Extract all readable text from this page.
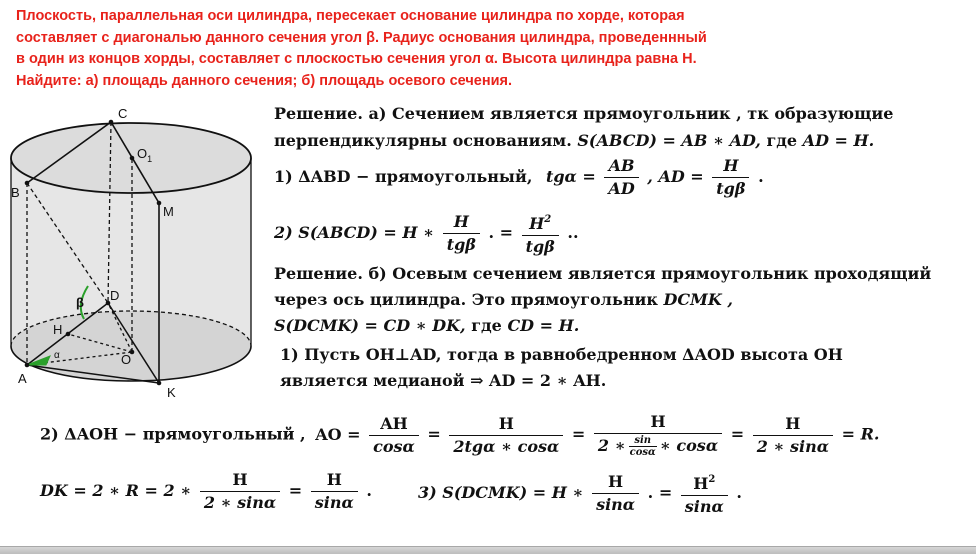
Плоскость, параллельная оси цилиндра, пересекает основание цилиндра по хорде, которая
составляет с диагональю данного сечения угол β. Радиус основания цилиндра, проведеннный
в один из концов хорды, составляет с плоскостью сечения угол α. Высота цилиндра равна Н.
Найдите: а) площадь данного сечения; б) площадь осевого сечения.
C
$O_1$
B
M
D
β
H
α	O
A
K
Решение. а) Сечением является прямоугольник , тк образующие
перпендикулярны основаниям. S(ABCD) = AB ∗ AD, где AD = H.
1) ΔABD − прямоугольный, $tg\alpha = \frac{AB}{AD}$ , AD = $\frac{H}{\text{tgβ}}$ .
2) S(ABCD) = H ∗ $\frac{H}{\text{tgβ}}$ . = $\frac{H^2}{\text{tgβ}}$ ..
Решение. б) Осевым сечением является прямоугольник проходящий
через ось цилиндра. Это прямоугольник DCMK ,
S(DCMK) = CD ∗ DK, где CD = H.
1) Пусть OH⊥AD, тогда в равнобедренном ΔAOD высота OH
является медианой ⇒ AD = 2 ∗ AH.
2) ΔAOH − прямоугольный , AO = $\frac{AH}{\cos\alpha} = \frac{H}{\text{2tgα ∗ cosα}} = \frac{H}{2 ∗ \frac{\sin}{\cos\alpha} ∗ \cos\alpha} = \frac{H}{2 ∗ \sin\alpha} = R$.
DK = 2 ∗ R = 2 ∗ $\frac{H}{2 ∗ \sin\alpha} = \frac{H}{\sin\alpha}$ .	3) S(DCMK) = H ∗ $\frac{H}{\sin\alpha}$ . = $\frac{H^2}{\sin\alpha}$ .
